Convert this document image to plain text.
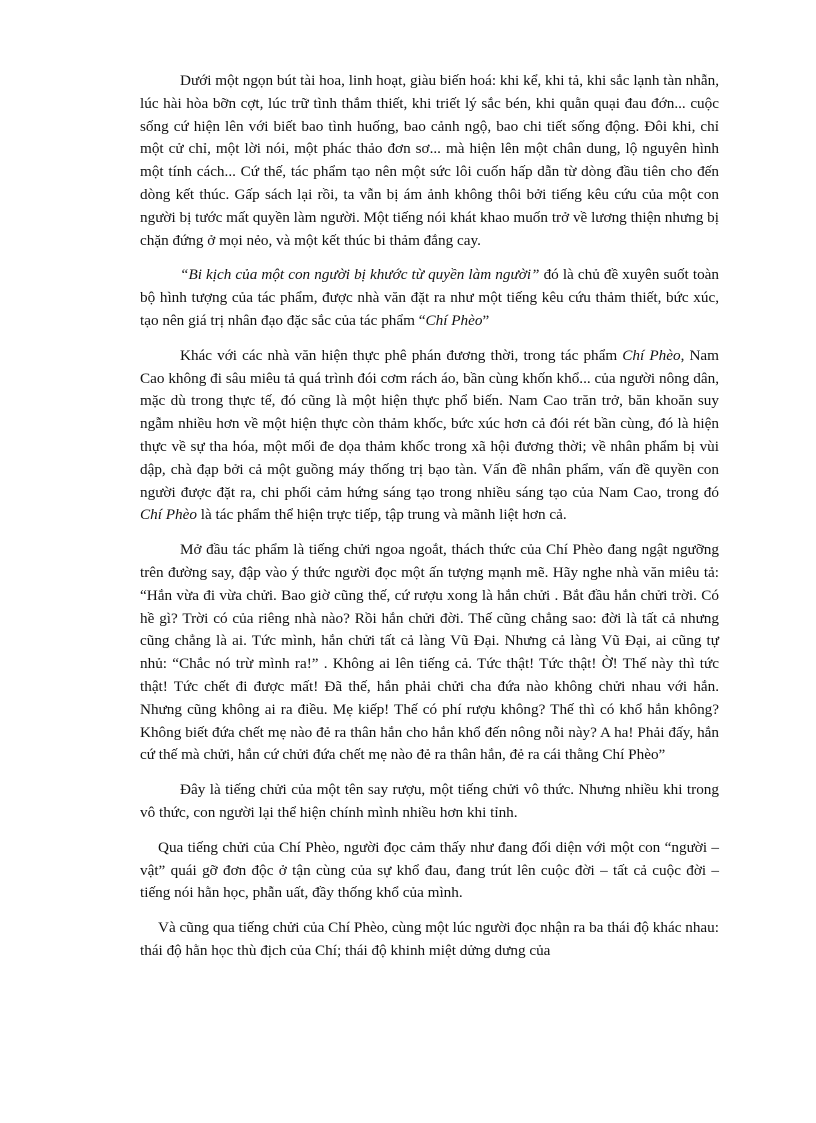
Dưới một ngọn bút tài hoa, linh hoạt, giàu biến hoá: khi kể, khi tả, khi sắc lạnh tàn nhẫn, lúc hài hòa bỡn cợt, lúc trữ tình thắm thiết, khi triết lý sắc bén, khi quằn quại đau đớn... cuộc sống cứ hiện lên với biết bao tình huống, bao cảnh ngộ, bao chi tiết sống động. Đôi khi, chỉ một cử chỉ, một lời nói, một phác thảo đơn sơ... mà hiện lên một chân dung, lộ nguyên hình một tính cách... Cứ thế, tác phẩm tạo nên một sức lôi cuốn hấp dẫn từ dòng đầu tiên cho đến dòng kết thúc. Gấp sách lại rồi, ta vẫn bị ám ảnh không thôi bởi tiếng kêu cứu của một con người bị tước mất quyền làm người. Một tiếng nói khát khao muốn trở về lương thiện nhưng bị chặn đứng ở mọi nẻo, và một kết thúc bi thảm đắng cay.

“Bi kịch của một con người bị khước từ quyền làm người” đó là chủ đề xuyên suốt toàn bộ hình tượng của tác phẩm, được nhà văn đặt ra như một tiếng kêu cứu thảm thiết, bức xúc, tạo nên giá trị nhân đạo đặc sắc của tác phẩm “Chí Phèo”

Khác với các nhà văn hiện thực phê phán đương thời, trong tác phẩm Chí Phèo, Nam Cao không đi sâu miêu tả quá trình đói cơm rách áo, bần cùng khốn khổ... của người nông dân, mặc dù trong thực tế, đó cũng là một hiện thực phổ biến. Nam Cao trăn trở, băn khoăn suy ngẫm nhiều hơn về một hiện thực còn thảm khốc, bức xúc hơn cả đói rét bần cùng, đó là hiện thực về sự tha hóa, một mối đe dọa thảm khốc trong xã hội đương thời; về nhân phẩm bị vùi dập, chà đạp bởi cả một guồng máy thống trị bạo tàn. Vấn đề nhân phẩm, vấn đề quyền con người được đặt ra, chi phối cảm hứng sáng tạo trong nhiều sáng tạo của Nam Cao, trong đó Chí Phèo là tác phẩm thể hiện trực tiếp, tập trung và mãnh liệt hơn cả.

Mở đầu tác phẩm là tiếng chửi ngoa ngoắt, thách thức của Chí Phèo đang ngật ngưỡng trên đường say, đập vào ý thức người đọc một ấn tượng mạnh mẽ. Hãy nghe nhà văn miêu tả: “Hắn vừa đi vừa chửi. Bao giờ cũng thế, cứ rượu xong là hắn chửi . Bắt đầu hắn chửi trời. Có hề gì? Trời có của riêng nhà nào? Rồi hắn chửi đời. Thế cũng chẳng sao: đời là tất cả nhưng cũng chẳng là ai. Tức mình, hắn chửi tất cả làng Vũ Đại. Nhưng cả làng Vũ Đại, ai cũng tự nhủ: “Chắc nó trừ mình ra!” . Không ai lên tiếng cả. Tức thật! Tức thật! Ờ! Thế này thì tức thật! Tức chết đi được mất! Đã thế, hắn phải chửi cha đứa nào không chửi nhau với hắn. Nhưng cũng không ai ra điều. Mẹ kiếp! Thế có phí rượu không? Thế thì có khổ hắn không? Không biết đứa chết mẹ nào đẻ ra thân hắn cho hắn khổ đến nông nỗi này? A ha! Phải đấy, hắn cứ thế mà chửi, hắn cứ chửi đứa chết mẹ nào đẻ ra thân hắn, đẻ ra cái thằng Chí Phèo”

Đây là tiếng chửi của một tên say rượu, một tiếng chửi vô thức. Nhưng nhiều khi trong vô thức, con người lại thể hiện chính mình nhiều hơn khi tỉnh.

Qua tiếng chửi của Chí Phèo, người đọc cảm thấy như đang đối diện với một con “người – vật” quái gỡ đơn độc ở tận cùng của sự khổ đau, đang trút lên cuộc đời – tất cả cuộc đời – tiếng nói hằn học, phẫn uất, đầy thống khổ của mình.

Và cũng qua tiếng chửi của Chí Phèo, cùng một lúc người đọc nhận ra ba thái độ khác nhau: thái độ hằn học thù địch của Chí; thái độ khinh miệt dửng dưng của
